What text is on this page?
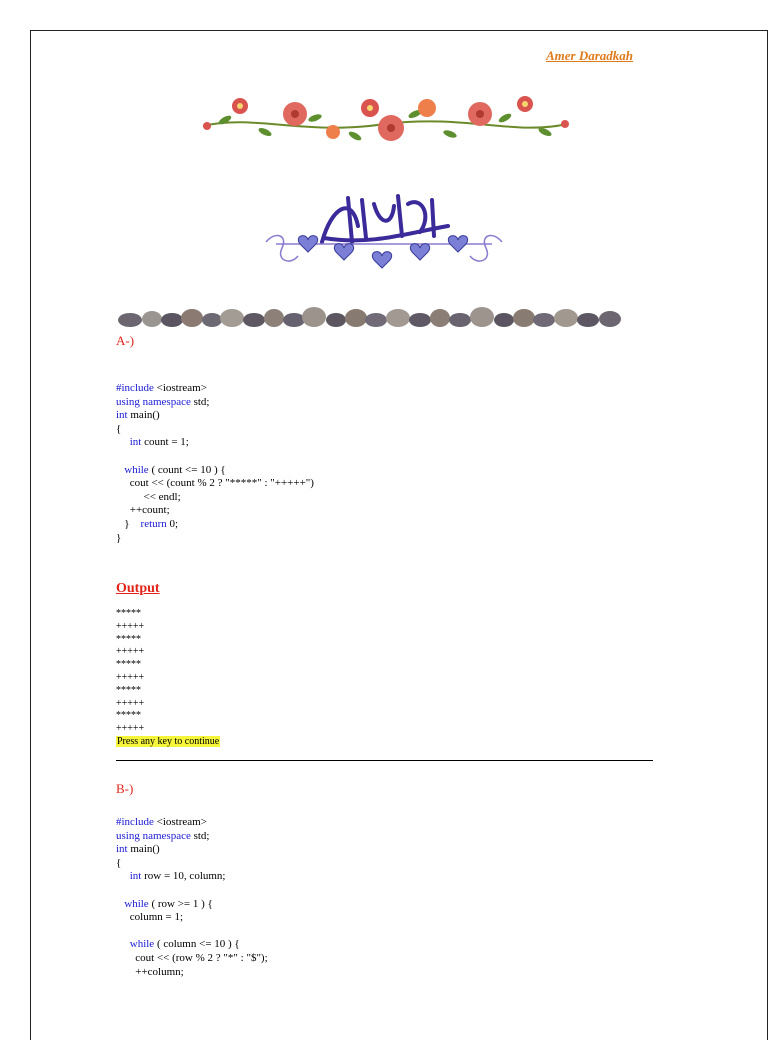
Amer Daradkah
A-)
#include <iostream>
using namespace std;
int main()
{
int count = 1;
while ( count <= 10 ) {
cout << (count % 2 ? "*****" : "+++++")
<< endl;
++count;
}    return 0;
}
Output
*****
+++++
*****
+++++
*****
+++++
*****
+++++
*****
+++++
Press any key to continue
B-)
#include <iostream>
using namespace std;
int main()
{
int row = 10, column;
while ( row >= 1 ) {
column = 1;
while ( column <= 10 ) {
cout << (row % 2 ? "*" : "$");
++column;
